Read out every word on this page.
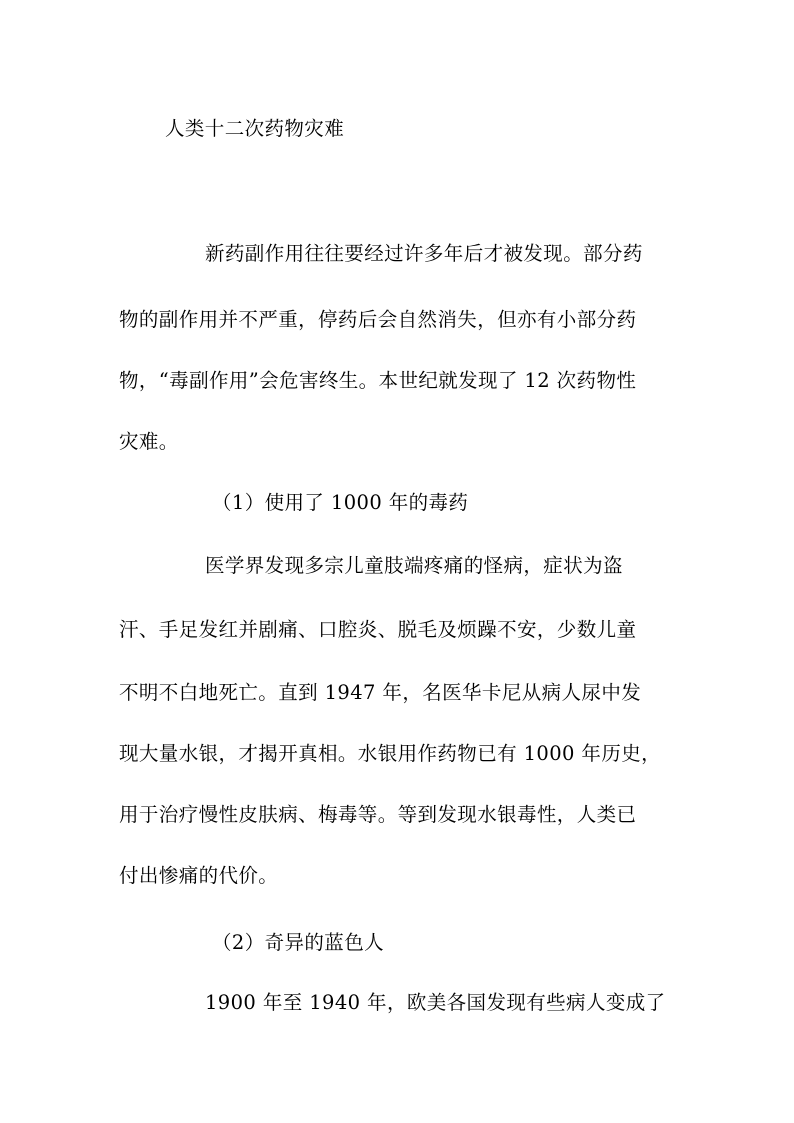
人类十二次药物灾难
新药副作用往往要经过许多年后才被发现。部分药
物的副作用并不严重，停药后会自然消失，但亦有小部分药
物，“毒副作用”会危害终生。本世纪就发现了 12 次药物性
灾难。
（1）使用了 1000 年的毒药
医学界发现多宗儿童肢端疼痛的怪病，症状为盗
汗、手足发红并剧痛、口腔炎、脱毛及烦躁不安，少数儿童
不明不白地死亡。直到 1947 年，名医华卡尼从病人尿中发
现大量水银，才揭开真相。水银用作药物已有 1000 年历史，
用于治疗慢性皮肤病、梅毒等。等到发现水银毒性，人类已
付出惨痛的代价。
（2）奇异的蓝色人
1900 年至 1940 年，欧美各国发现有些病人变成了
